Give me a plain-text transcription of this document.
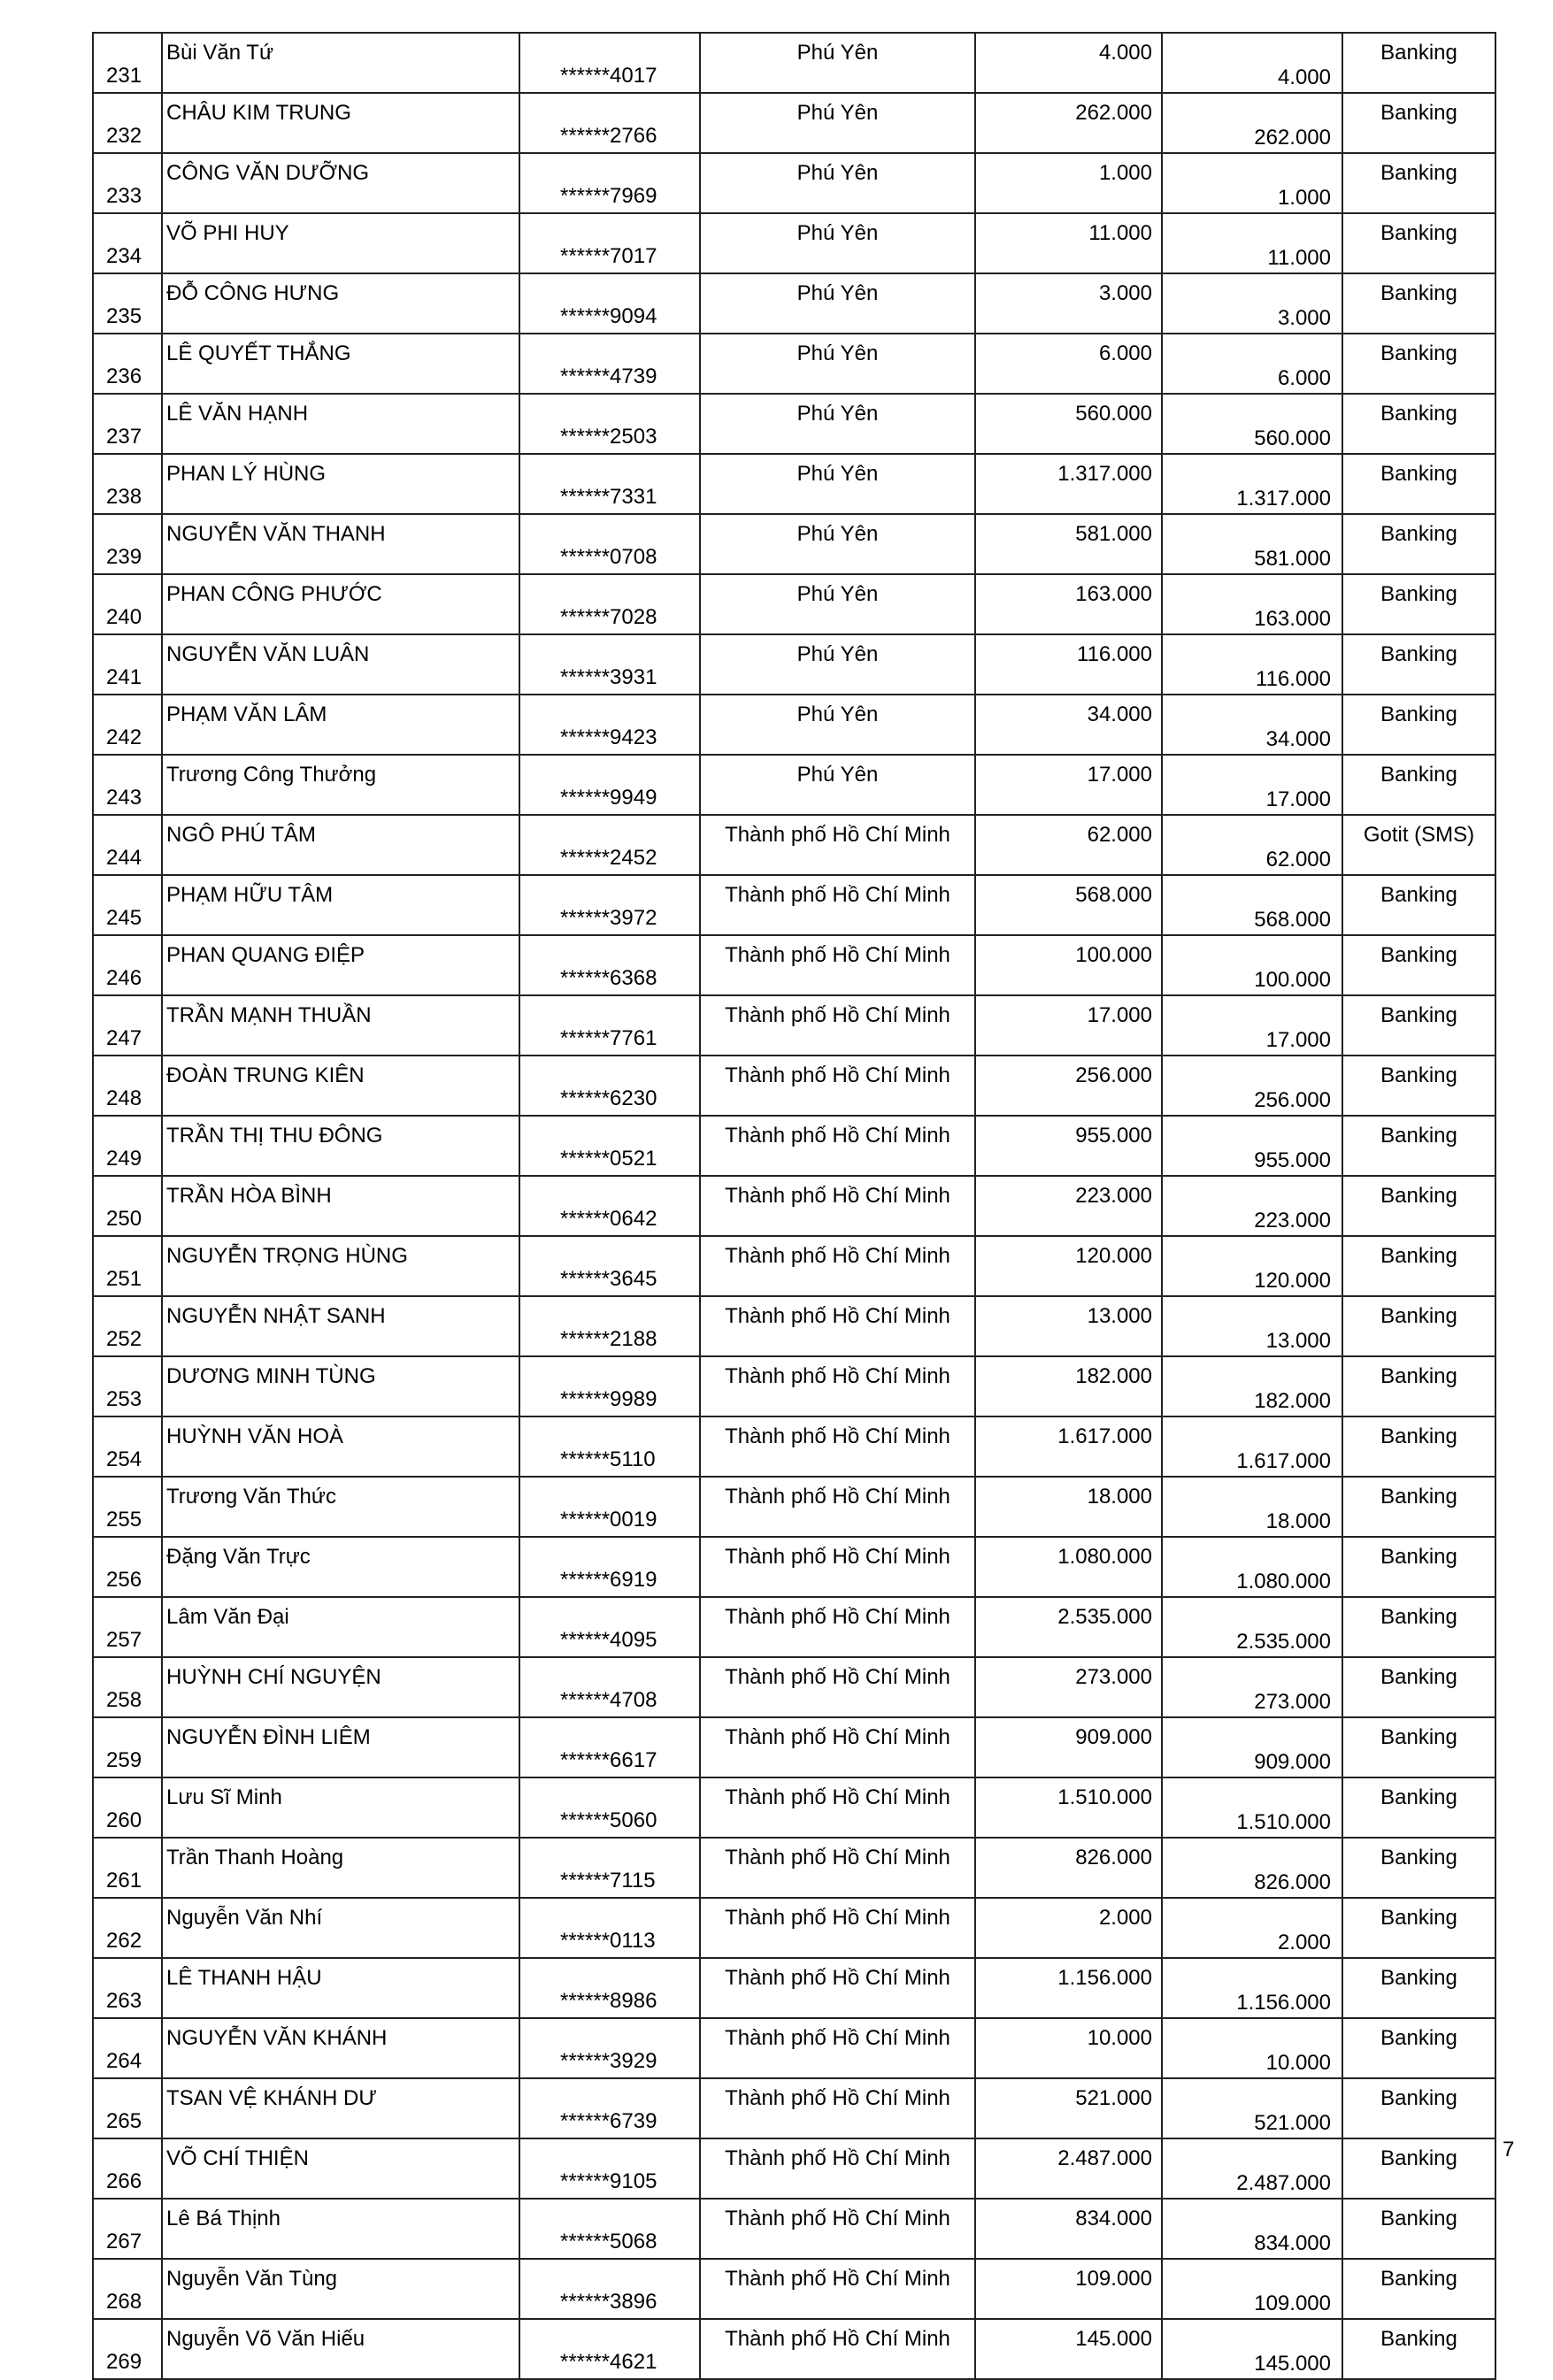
231	Bùi Văn Tứ	******4017	Phú Yên	4.000	4.000	Banking
232	CHÂU KIM TRUNG	******2766	Phú Yên	262.000	262.000	Banking
233	CÔNG VĂN DƯỠNG	******7969	Phú Yên	1.000	1.000	Banking
234	VÕ PHI HUY	******7017	Phú Yên	11.000	11.000	Banking
235	ĐỖ CÔNG HƯNG	******9094	Phú Yên	3.000	3.000	Banking
236	LÊ QUYẾT THẮNG	******4739	Phú Yên	6.000	6.000	Banking
237	LÊ VĂN HẠNH	******2503	Phú Yên	560.000	560.000	Banking
238	PHAN LÝ HÙNG	******7331	Phú Yên	1.317.000	1.317.000	Banking
239	NGUYỄN VĂN THANH	******0708	Phú Yên	581.000	581.000	Banking
240	PHAN CÔNG PHƯỚC	******7028	Phú Yên	163.000	163.000	Banking
241	NGUYỄN VĂN LUÂN	******3931	Phú Yên	116.000	116.000	Banking
242	PHẠM VĂN LÂM	******9423	Phú Yên	34.000	34.000	Banking
243	Trương Công Thưởng	******9949	Phú Yên	17.000	17.000	Banking
244	NGÔ PHÚ TÂM	******2452	Thành phố Hồ Chí Minh	62.000	62.000	Gotit (SMS)
245	PHẠM HỮU TÂM	******3972	Thành phố Hồ Chí Minh	568.000	568.000	Banking
246	PHAN QUANG ĐIỆP	******6368	Thành phố Hồ Chí Minh	100.000	100.000	Banking
247	TRẦN MẠNH THUẦN	******7761	Thành phố Hồ Chí Minh	17.000	17.000	Banking
248	ĐOÀN TRUNG KIÊN	******6230	Thành phố Hồ Chí Minh	256.000	256.000	Banking
249	TRẦN THỊ THU ĐÔNG	******0521	Thành phố Hồ Chí Minh	955.000	955.000	Banking
250	TRẦN HÒA BÌNH	******0642	Thành phố Hồ Chí Minh	223.000	223.000	Banking
251	NGUYỄN TRỌNG HÙNG	******3645	Thành phố Hồ Chí Minh	120.000	120.000	Banking
252	NGUYỄN NHẬT SANH	******2188	Thành phố Hồ Chí Minh	13.000	13.000	Banking
253	DƯƠNG MINH TÙNG	******9989	Thành phố Hồ Chí Minh	182.000	182.000	Banking
254	HUỲNH VĂN HOÀ	******5110	Thành phố Hồ Chí Minh	1.617.000	1.617.000	Banking
255	Trương Văn Thức	******0019	Thành phố Hồ Chí Minh	18.000	18.000	Banking
256	Đặng Văn Trực	******6919	Thành phố Hồ Chí Minh	1.080.000	1.080.000	Banking
257	Lâm Văn Đại	******4095	Thành phố Hồ Chí Minh	2.535.000	2.535.000	Banking
258	HUỲNH CHÍ NGUYỆN	******4708	Thành phố Hồ Chí Minh	273.000	273.000	Banking
259	NGUYỄN ĐÌNH LIÊM	******6617	Thành phố Hồ Chí Minh	909.000	909.000	Banking
260	Lưu Sĩ Minh	******5060	Thành phố Hồ Chí Minh	1.510.000	1.510.000	Banking
261	Trần Thanh Hoàng	******7115	Thành phố Hồ Chí Minh	826.000	826.000	Banking
262	Nguyễn Văn Nhí	******0113	Thành phố Hồ Chí Minh	2.000	2.000	Banking
263	LÊ THANH HẬU	******8986	Thành phố Hồ Chí Minh	1.156.000	1.156.000	Banking
264	NGUYỄN VĂN KHÁNH	******3929	Thành phố Hồ Chí Minh	10.000	10.000	Banking
265	TSAN VỆ KHÁNH DƯ	******6739	Thành phố Hồ Chí Minh	521.000	521.000	Banking
266	VÕ CHÍ THIỆN	******9105	Thành phố Hồ Chí Minh	2.487.000	2.487.000	Banking
267	Lê Bá Thịnh	******5068	Thành phố Hồ Chí Minh	834.000	834.000	Banking
268	Nguyễn Văn Tùng	******3896	Thành phố Hồ Chí Minh	109.000	109.000	Banking
269	Nguyễn Võ Văn Hiếu	******4621	Thành phố Hồ Chí Minh	145.000	145.000	Banking
7
